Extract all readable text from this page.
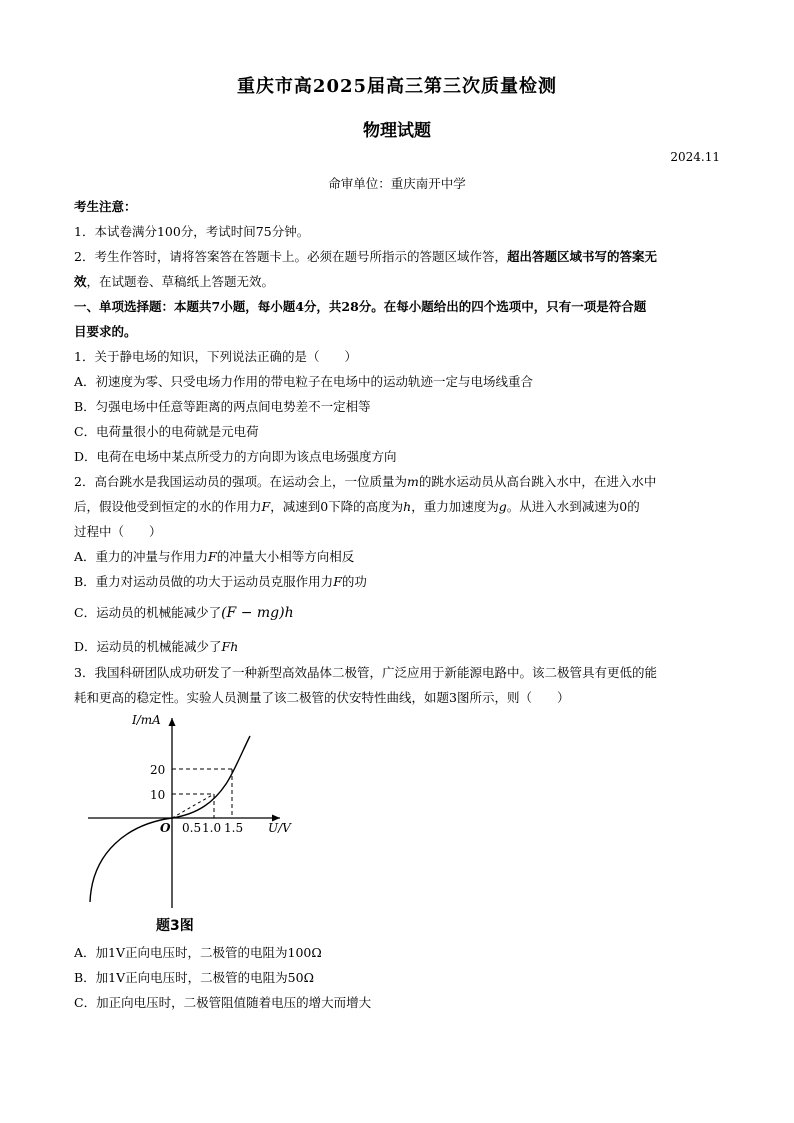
重庆市高2025届高三第三次质量检测
物理试题
2024.11
命审单位：重庆南开中学
考生注意：
1．本试卷满分100分，考试时间75分钟。
2．考生作答时，请将答案答在答题卡上。必须在题号所指示的答题区域作答，超出答题区域书写的答案无
效，在试题卷、草稿纸上答题无效。
一、单项选择题：本题共7小题，每小题4分，共28分。在每小题给出的四个选项中，只有一项是符合题
目要求的。
1．关于静电场的知识，下列说法正确的是（　　）
A．初速度为零、只受电场力作用的带电粒子在电场中的运动轨迹一定与电场线重合
B．匀强电场中任意等距离的两点间电势差不一定相等
C．电荷量很小的电荷就是元电荷
D．电荷在电场中某点所受力的方向即为该点电场强度方向
2．高台跳水是我国运动员的强项。在运动会上，一位质量为m的跳水运动员从高台跳入水中，在进入水中
后，假设他受到恒定的水的作用力F，减速到0下降的高度为h，重力加速度为g。从进入水到减速为0的
过程中（　　）
A．重力的冲量与作用力F的冲量大小相等方向相反
B．重力对运动员做的功大于运动员克服作用力F的功
C．运动员的机械能减少了(F − mg)h
D．运动员的机械能减少了Fh
3．我国科研团队成功研发了一种新型高效晶体二极管，广泛应用于新能源电路中。该二极管具有更低的能
耗和更高的稳定性。实验人员测量了该二极管的伏安特性曲线，如题3图所示，则（　　）
I/mA
U/V
O
20
10
0.5 1.0 1.5
题3图
A．加1V正向电压时，二极管的电阻为100Ω
B．加1V正向电压时，二极管的电阻为50Ω
C．加正向电压时，二极管阻值随着电压的增大而增大
